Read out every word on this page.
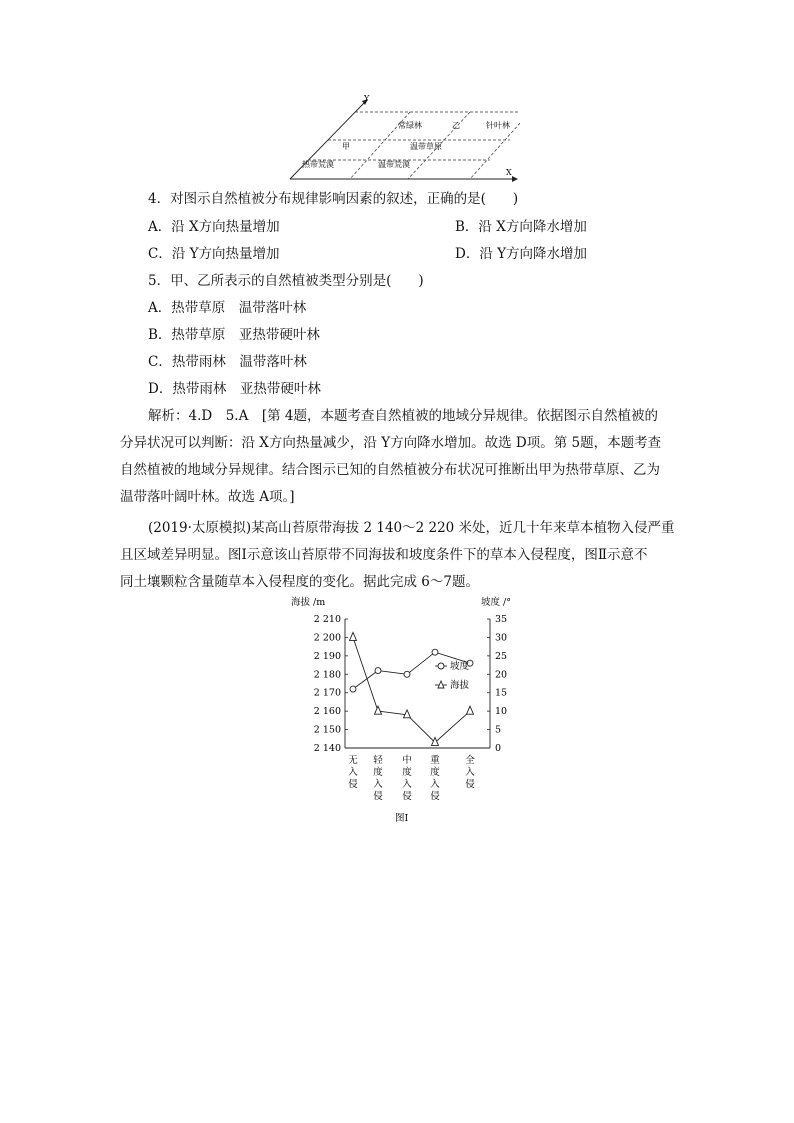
Y
X
常绿林	乙	针叶林
甲	温带草原
热带荒漠	温带荒漠
4．对图示自然植被分布规律影响因素的叙述，正确的是(　　)
A．沿 X方向热量增加	B．沿 X方向降水增加
C．沿 Y方向热量增加	D．沿 Y方向降水增加
5．甲、乙所表示的自然植被类型分别是(　　)
A．热带草原　温带落叶林
B．热带草原　亚热带硬叶林
C．热带雨林　温带落叶林
D．热带雨林　亚热带硬叶林
解析：4.D　5.A　[第 4题，本题考查自然植被的地域分异规律。依据图示自然植被的
分异状况可以判断：沿 X方向热量减少，沿 Y方向降水增加。故选 D项。第 5题，本题考查
自然植被的地域分异规律。结合图示已知的自然植被分布状况可推断出甲为热带草原、乙为
温带落叶阔叶林。故选 A项。]
(2019·太原模拟)某高山苔原带海拔 2 140～2 220 米处，近几十年来草本植物入侵严重
且区域差异明显。图Ⅰ示意该山苔原带不同海拔和坡度条件下的草本入侵程度，图Ⅱ示意不
同土壤颗粒含量随草本入侵程度的变化。据此完成 6～7题。
海拔 /m	坡度 /°
2 140
2 150
2 160
2 170
2 180
2 190
2 200
2 210
0
5
10
15
20
25
30
35
无入侵
轻度入侵
中度入侵
重度入侵
全入侵
坡度
海拔
图Ⅰ
